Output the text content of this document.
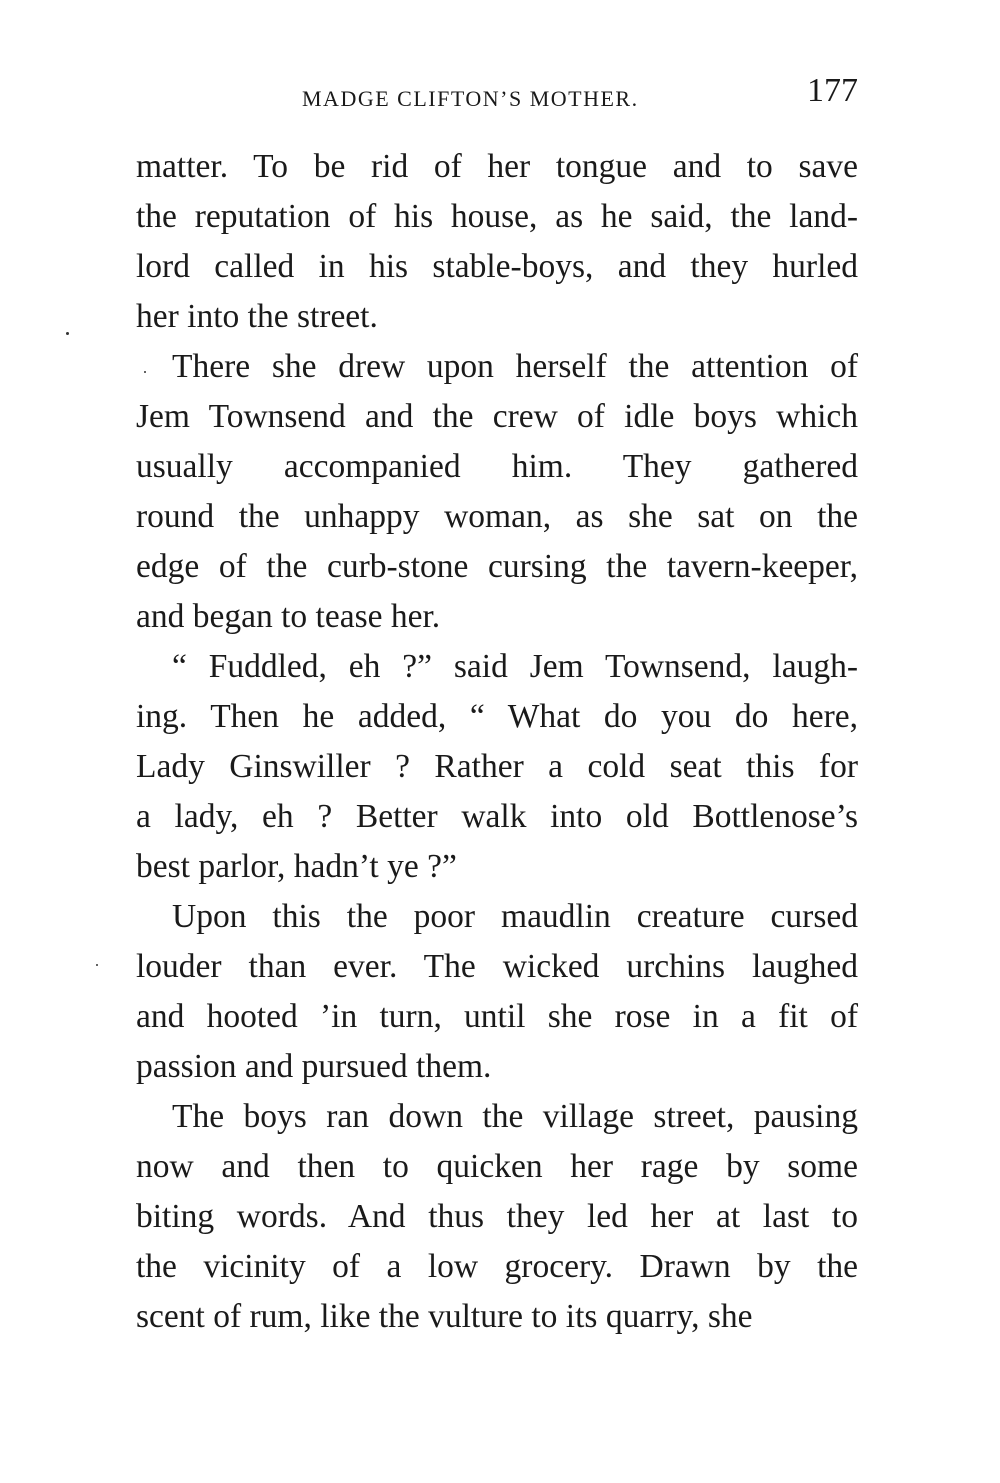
MADGE CLIFTON’S MOTHER.	177

matter. To be rid of her tongue and to save
the reputation of his house, as he said, the land-
lord called in his stable-boys, and they hurled
her into the street.

There she drew upon herself the attention of
Jem Townsend and the crew of idle boys which
usually accompanied him. They gathered
round the unhappy woman, as she sat on the
edge of the curb-stone cursing the tavern-keeper,
and began to tease her.

“ Fuddled, eh ?” said Jem Townsend, laugh-
ing. Then he added, “ What do you do here,
Lady Ginswiller ? Rather a cold seat this for
a lady, eh ? Better walk into old Bottlenose’s
best parlor, hadn’t ye ?”

Upon this the poor maudlin creature cursed
louder than ever. The wicked urchins laughed
and hooted ’in turn, until she rose in a fit of
passion and pursued them.

The boys ran down the village street, pausing
now and then to quicken her rage by some
biting words. And thus they led her at last to
the vicinity of a low grocery. Drawn by the
scent of rum, like the vulture to its quarry, she
